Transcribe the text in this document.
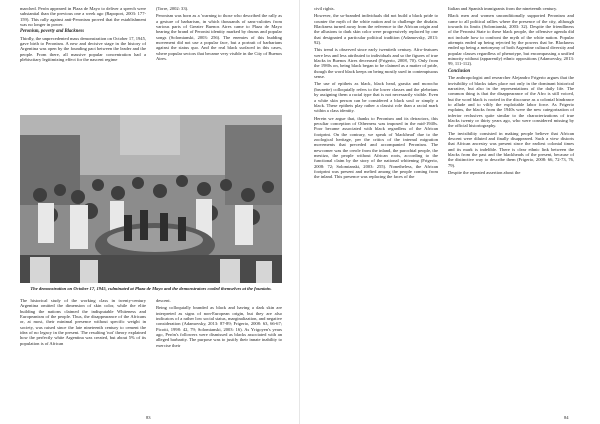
marched. Perón appeared in Plaza de Mayo to deliver a speech were substantial than the previous one a week ago (Rapoport, 2003: 177-159). This rally against anti-Peronism proved that the establishment was no longer in power.

Peronism, poverty and Blackness

Thirdly, the unprecedented mass demonstration on October 17, 1945, gave birth to Peronism. A new and decisive stage in the history of Argentina was open by the founding pact between the leader and the people. From there, all massive popular concentration had a plebiscitary legitimizing effect for the nascent regime

(Torre, 2002: 33).

Peronism was born as a 'warning to those who described the rally as a gesture of barbarism, in which thousands of sans-culottes from various parts of Greater Buenos Aires came to Plaza de Mayo bearing the brand of Peronist identity marked by drums and popular songs (Solomianski, 2003: 256). The enemies of this budding movement did not use a popular face, but a portrait of barbarians against the status quo. And the real black surfaced in this cases, where popular sectors that became very visible in the City of Buenos Aires.

The demonstration on October 17, 1945, culminated at Plaza de Mayo and the demonstrators cooled themselves at the fountain.

The historical study of the working class in twenty-century Argentina omitted the dimension of skin color, while the elite building the nations claimed the indisputable Whiteness and Europeanism of the people. Thus, the disappearance of the Africans or, at most, their minimal presence without specific weight in society, was raised since the late nineteenth century to cement the idea of no legacy in the present. The resulting 'not' theory explained how the perfectly white Argentina was created, but about 5% of its population is of African

descent.

Being colloquially branded as black and having a dark skin are interpreted as signs of non-European origin, but they are also indicators of a rather low social status, marginalization, and negative consideration (Adamovsky, 2013: 87-89; Frigerio, 2008: 63, 66-67; Picotti, 1998: 42, 79; Solomianski, 2003: 16). As Yrigoyen's years ago, Perón's followers were dismissed as blacks associated with an alleged barbarity. The purpose was to justify their innate inability to exercise their

83

civil rights.

However, the so-branded individuals did not build a black pride to counter the myth of the white nation and to challenge the disdain. Blackness turned away from the reference to the African origin and the allusions to dark skin color were progressively replaced by one that designated a particular political tradition (Adamovsky, 2013: 92).

This trend is observed since early twentieth century. Afro-features were less and less attributed to individuals and so the figures of true blacks in Buenos Aires decreased (Frigerio, 2008, 70). Only from the 1980s on, being black began to be claimed as a matter of pride, though the word black keeps on being mostly used in contemptuous sense.

The use of epithets as black, black head, grasita and morocho (brunette) colloquially refers to the lower classes and the plebeians by assigning them a racial type that is not necessarily visible. Even a white skin person can be considered a black soul or simply a black. These epithets play rather a classist role than a racial mark within a class identity.

Herein we argue that, thanks to Peronism and its detractors, this peculiar conception of Otherness was imposed in the mid-1940s. Poor became associated with black regardless of the African footprint. On the contrary, we speak of 'blackhead' due to the zoological heritage, per the critics of the internal migration movements that preceded and accompanied Peronism. The newcomer was the creole from the inland, the parochial people, the mestizo, the people without African roots, according to the functional claim by the story of the national whitening (Frigerio, 2008: 72; Solomianski, 2003: 255). Nonetheless, the African footprint was present and melted among the people coming from the inland. This presence was replacing the faces of the

Italian and Spanish immigrants from the nineteenth century.

Black men and women unconditionally supported Peronism and came to all political rallies where the presence of the city, although towards its limits (Solomianski, 2003: 32). Despite the friendliness of the Peronist State to these black people, the offensive agenda did not include how to confront the myth of the white nation. Popular attempts ended up being rejected by the powers that be. Blackness ended up being a metonymy of both Argentine cultural diversity and popular classes regardless of phenotype, but encompassing a unified minority without (apparently) ethnic oppositions (Adamovsky, 2013: 99, 111-112).

Conclusion

The anthropologist and researcher Alejandro Frigerio argues that the invisibility of blacks takes place not only in the dominant historical narrative, but also in the representations of the daily life. The common thing is that the disappearance of the Afro is still voiced, but the word black is rooted in the discourse as a colonial hindrance to allude and to vilify the exploitable labor force. As Frigerio explains, the blacks from the 1940s were the new categorization of inferior reclusives quite similar to the characterizations of true blacks twenty or thirty years ago, who were considered missing by the official historiography.

The invisibility consisted in making people believe that African descent were diluted and finally disappeared. Such a view distorts that African ancestry was present since the earliest colonial times and its mark is indelible. There is clear ethnic link between the blacks from the past and the blackheads of the present, because of the distinctive way to describe them (Frigerio, 2008: 66, 72-73, 76, 79).

Despite the repeated assertion about the

84
